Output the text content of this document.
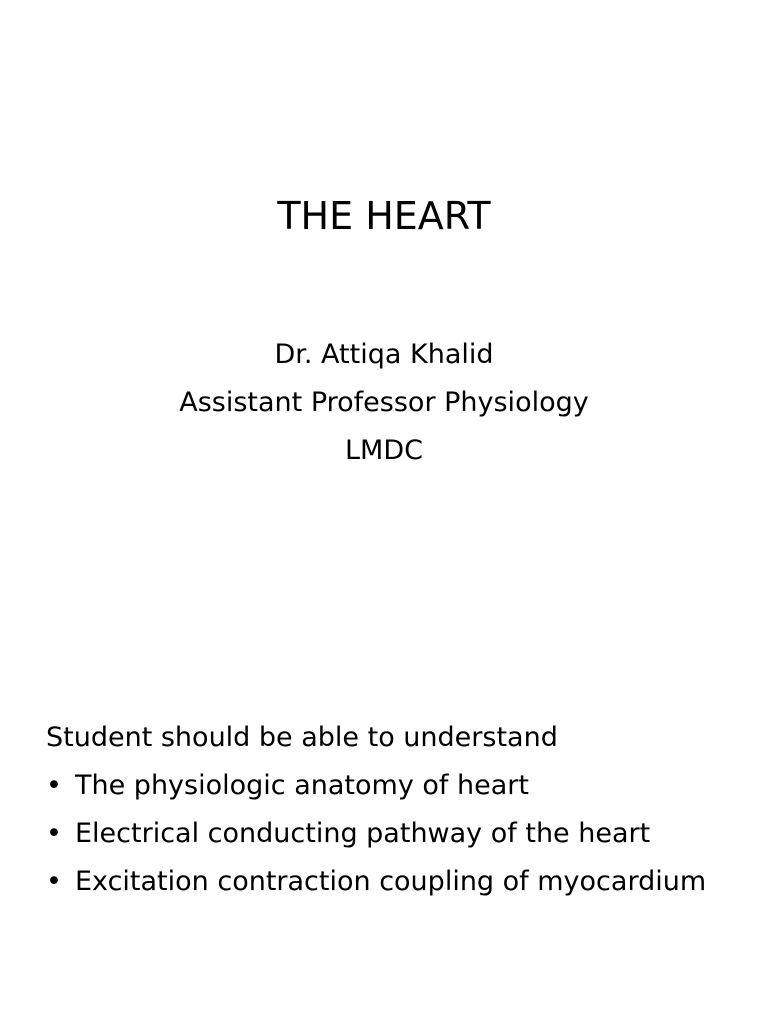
THE HEART
Dr. Attiqa Khalid
Assistant Professor Physiology
LMDC
Student should be able to understand
• The physiologic anatomy of heart
• Electrical conducting pathway of the heart
• Excitation contraction coupling of myocardium
